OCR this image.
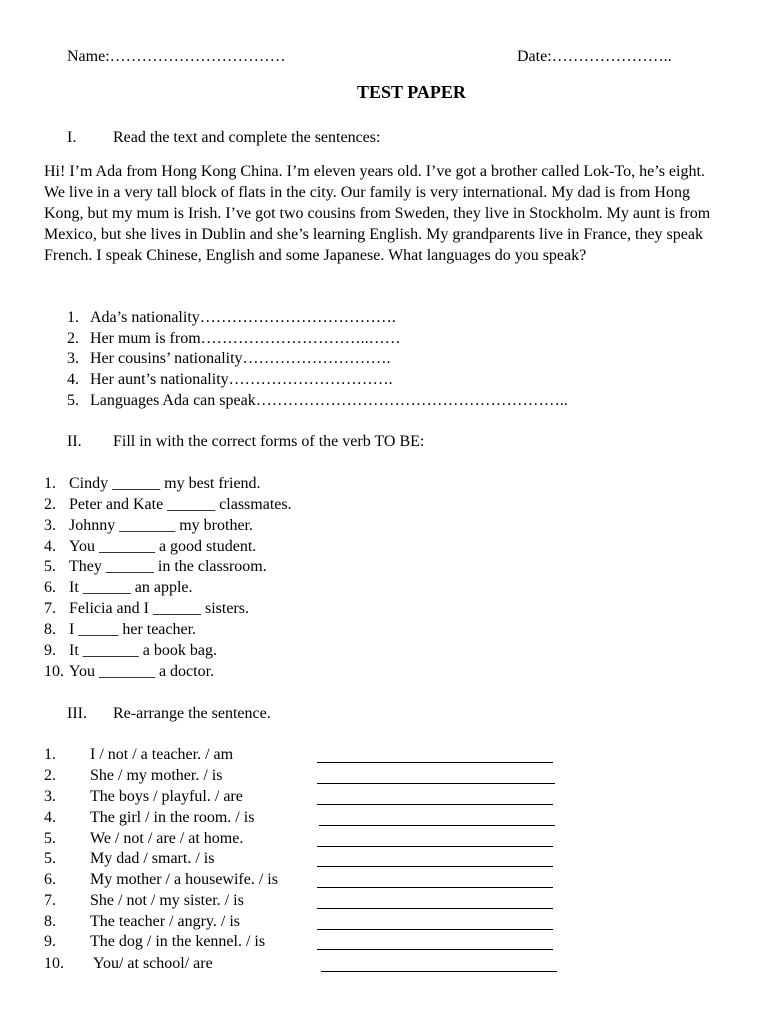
Name:……………………………	Date:…………………..
TEST PAPER
I. Read the text and complete the sentences:
Hi! I’m Ada from Hong Kong China. I’m eleven years old. I’ve got a brother called Lok-To, he’s eight. We live in a very tall block of flats in the city. Our family is very international. My dad is from Hong Kong, but my mum is Irish. I’ve got two cousins from Sweden, they live in Stockholm. My aunt is from Mexico, but she lives in Dublin and she’s learning English. My grandparents live in France, they speak French. I speak Chinese, English and some Japanese. What languages do you speak?
1. Ada’s nationality……………………………….
2. Her mum is from…………………………..……
3. Her cousins’ nationality……………………….
4. Her aunt’s nationality………………………….
5. Languages Ada can speak…………………………………………………..
II. Fill in with the correct forms of the verb TO BE:
1. Cindy ______ my best friend.
2. Peter and Kate ______ classmates.
3. Johnny _______ my brother.
4. You _______ a good student.
5. They ______ in the classroom.
6. It ______ an apple.
7. Felicia and I ______ sisters.
8. I _____ her teacher.
9. It _______ a book bag.
10. You _______ a doctor.
III. Re-arrange the sentence.
1. I / not / a teacher. / am
2. She / my mother. / is
3. The boys / playful. / are
4. The girl / in the room. / is
5. We / not / are / at home.
5. My dad / smart. / is
6. My mother / a housewife. / is
7. She / not / my sister. / is
8. The teacher / angry. / is
9. The dog / in the kennel. / is
10. You/ at school/ are
